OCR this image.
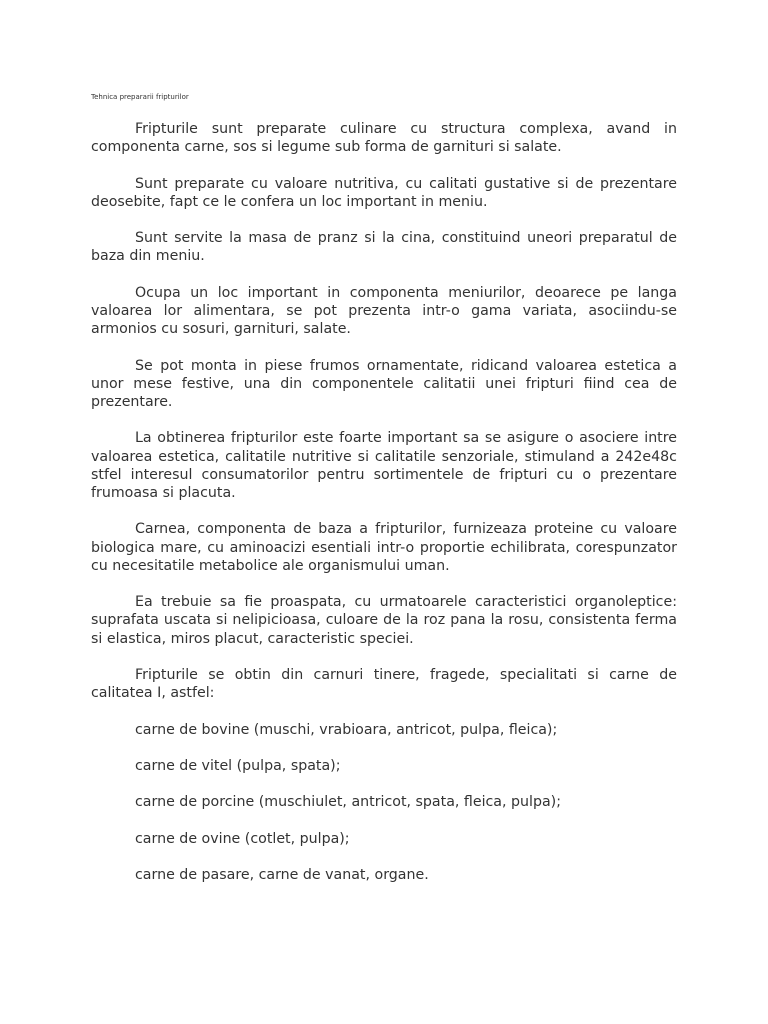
Tehnica prepararii fripturilor

Fripturile sunt preparate culinare cu structura complexa, avand in componenta carne, sos si legume sub forma de garnituri si salate.

Sunt preparate cu valoare nutritiva, cu calitati gustative si de prezentare deosebite, fapt ce le confera un loc important in meniu.

Sunt servite la masa de pranz si la cina, constituind uneori preparatul de baza din meniu.

Ocupa un loc important in componenta meniurilor, deoarece pe langa valoarea lor alimentara, se pot prezenta intr-o gama variata, asociindu-se armonios cu sosuri, garnituri, salate.

Se pot monta in piese frumos ornamentate, ridicand valoarea estetica a unor mese festive, una din componentele calitatii unei fripturi fiind cea de prezentare.

La obtinerea fripturilor este foarte important sa se asigure o asociere intre valoarea estetica, calitatile nutritive si calitatile senzoriale, stimuland a 242e48c stfel interesul consumatorilor pentru sortimentele de fripturi cu o prezentare frumoasa si placuta.

Carnea, componenta de baza a fripturilor, furnizeaza proteine cu valoare biologica mare, cu aminoacizi esentiali intr-o proportie echilibrata, corespunzator cu necesitatile metabolice ale organismului uman.

Ea trebuie sa fie proaspata, cu urmatoarele caracteristici organoleptice: suprafata uscata si nelipicioasa, culoare de la roz pana la rosu, consistenta ferma si elastica, miros placut, caracteristic speciei.

Fripturile se obtin din carnuri tinere, fragede, specialitati si carne de calitatea I, astfel:

carne de bovine (muschi, vrabioara, antricot, pulpa, fleica);
carne de vitel (pulpa, spata);
carne de porcine (muschiulet, antricot, spata, fleica, pulpa);
carne de ovine (cotlet, pulpa);
carne de pasare, carne de vanat, organe.
